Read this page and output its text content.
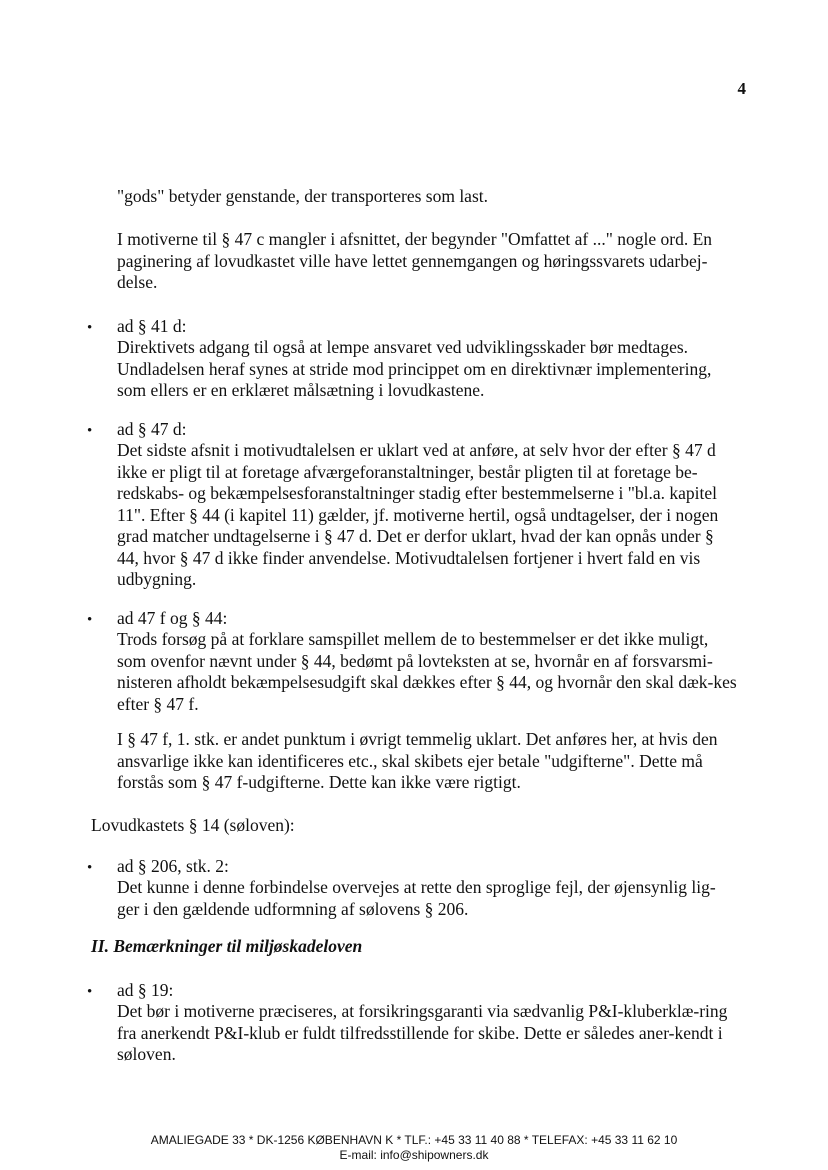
4

"gods" betyder genstande, der transporteres som last.

I motiverne til § 47 c mangler i afsnittet, der begynder "Omfattet af ..." nogle ord. En paginering af lovudkastet ville have lettet gennemgangen og høringssvarets udarbej-delse.

• ad § 41 d:

Direktivets adgang til også at lempe ansvaret ved udviklingsskader bør medtages. Undladelsen heraf synes at stride mod princippet om en direktivnær implementering, som ellers er en erklæret målsætning i lovudkastene.

• ad § 47 d:

Det sidste afsnit i motivudtalelsen er uklart ved at anføre, at selv hvor der efter § 47 d ikke er pligt til at foretage afværgeforanstaltninger, består pligten til at foretage be-redskabs- og bekæmpelsesforanstaltninger stadig efter bestemmelserne i "bl.a. kapitel 11". Efter § 44 (i kapitel 11) gælder, jf. motiverne hertil, også undtagelser, der i nogen grad matcher undtagelserne i § 47 d. Det er derfor uklart, hvad der kan opnås under § 44, hvor § 47 d ikke finder anvendelse. Motivudtalelsen fortjener i hvert fald en vis udbygning.

• ad 47 f og § 44:

Trods forsøg på at forklare samspillet mellem de to bestemmelser er det ikke muligt, som ovenfor nævnt under § 44, bedømt på lovteksten at se, hvornår en af forsvarsmi-nisteren afholdt bekæmpelsesudgift skal dækkes efter § 44, og hvornår den skal dæk-kes efter § 47 f.

I § 47 f, 1. stk. er andet punktum i øvrigt temmelig uklart. Det anføres her, at hvis den ansvarlige ikke kan identificeres etc., skal skibets ejer betale "udgifterne". Dette må forstås som § 47 f-udgifterne. Dette kan ikke være rigtigt.

Lovudkastets § 14 (søloven):

• ad § 206, stk. 2:

Det kunne i denne forbindelse overvejes at rette den sproglige fejl, der øjensynlig lig-ger i den gældende udformning af sølovens § 206.

II. Bemærkninger til miljøskadeloven

• ad § 19:

Det bør i motiverne præciseres, at forsikringsgaranti via sædvanlig P&I-kluberklæ-ring fra anerkendt P&I-klub er fuldt tilfredsstillende for skibe. Dette er således aner-kendt i søloven.

AMALIEGADE 33 * DK-1256 KØBENHAVN K * TLF.: +45 33 11 40 88 * TELEFAX: +45 33 11 62 10
E-mail: info@shipowners.dk
